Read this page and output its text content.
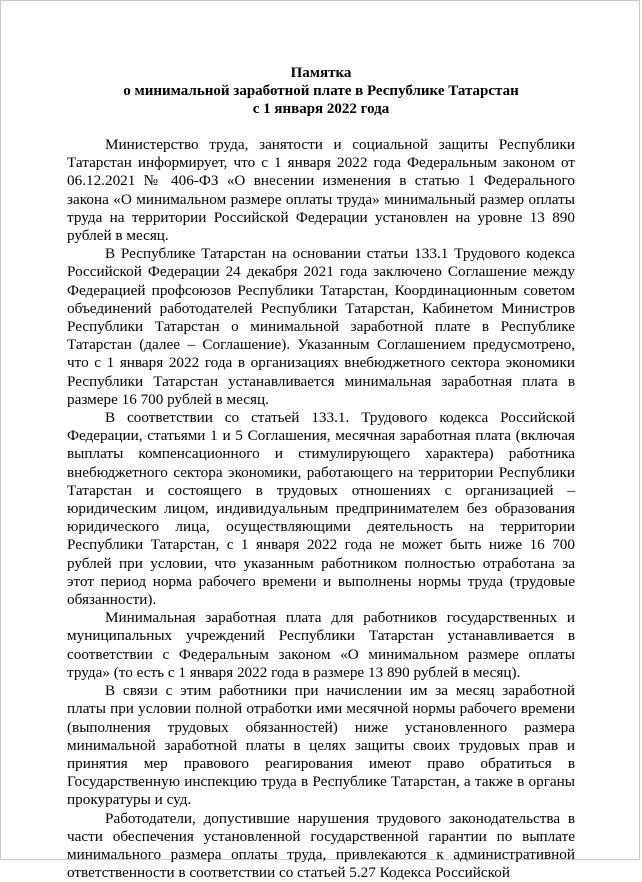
Памятка
о минимальной заработной плате в Республике Татарстан
с 1 января 2022 года

Министерство труда, занятости и социальной защиты Республики Татарстан информирует, что с 1 января 2022 года Федеральным законом от 06.12.2021 № 406-ФЗ «О внесении изменения в статью 1 Федерального закона «О минимальном размере оплаты труда» минимальный размер оплаты труда на территории Российской Федерации установлен на уровне 13 890 рублей в месяц.

В Республике Татарстан на основании статьи 133.1 Трудового кодекса Российской Федерации 24 декабря 2021 года заключено Соглашение между Федерацией профсоюзов Республики Татарстан, Координационным советом объединений работодателей Республики Татарстан, Кабинетом Министров Республики Татарстан о минимальной заработной плате в Республике Татарстан (далее – Соглашение). Указанным Соглашением предусмотрено, что с 1 января 2022 года в организациях внебюджетного сектора экономики Республики Татарстан устанавливается минимальная заработная плата в размере 16 700 рублей в месяц.

В соответствии со статьей 133.1. Трудового кодекса Российской Федерации, статьями 1 и 5 Соглашения, месячная заработная плата (включая выплаты компенсационного и стимулирующего характера) работника внебюджетного сектора экономики, работающего на территории Республики Татарстан и состоящего в трудовых отношениях с организацией – юридическим лицом, индивидуальным предпринимателем без образования юридического лица, осуществляющими деятельность на территории Республики Татарстан, с 1 января 2022 года не может быть ниже 16 700 рублей при условии, что указанным работником полностью отработана за этот период норма рабочего времени и выполнены нормы труда (трудовые обязанности).

Минимальная заработная плата для работников государственных и муниципальных учреждений Республики Татарстан устанавливается в соответствии с Федеральным законом «О минимальном размере оплаты труда» (то есть с 1 января 2022 года в размере 13 890 рублей в месяц).

В связи с этим работники при начислении им за месяц заработной платы при условии полной отработки ими месячной нормы рабочего времени (выполнения трудовых обязанностей) ниже установленного размера минимальной заработной платы в целях защиты своих трудовых прав и принятия мер правового реагирования имеют право обратиться в Государственную инспекцию труда в Республике Татарстан, а также в органы прокуратуры и суд.

Работодатели, допустившие нарушения трудового законодательства в части обеспечения установленной государственной гарантии по выплате минимального размера оплаты труда, привлекаются к административной ответственности в соответствии со статьей 5.27 Кодекса Российской
